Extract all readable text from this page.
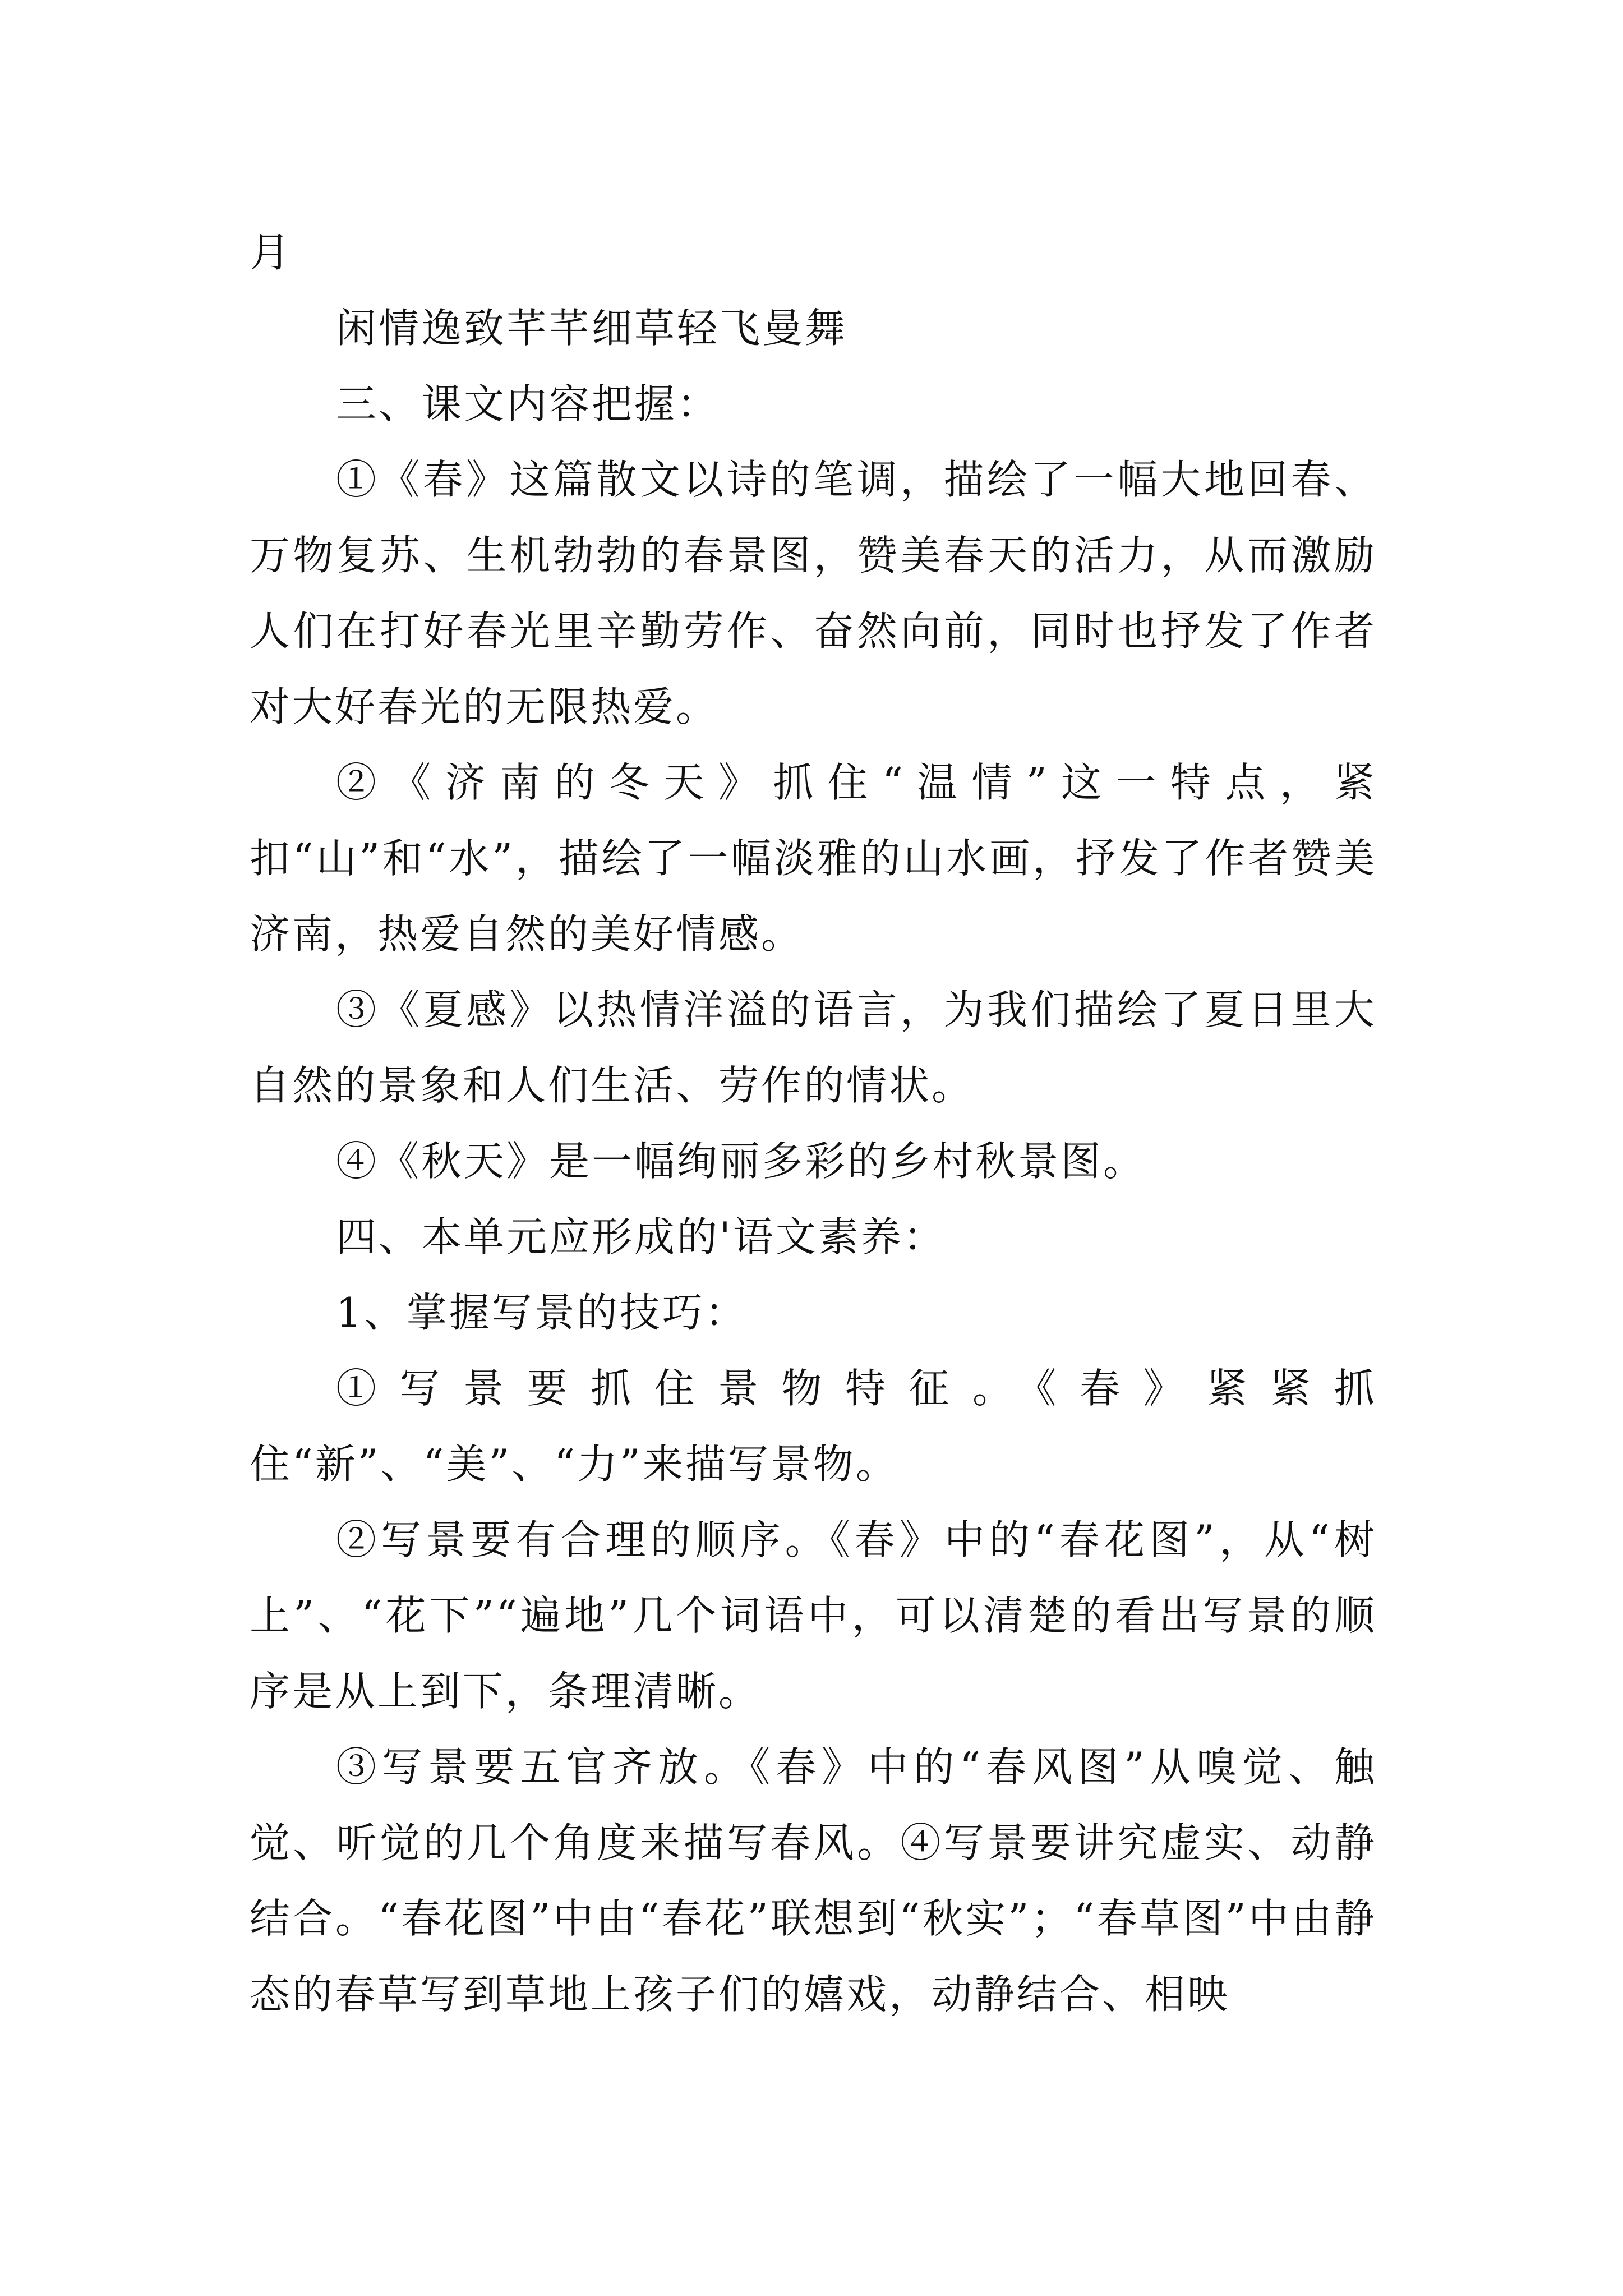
月

闲情逸致芊芊细草轻飞曼舞

三、课文内容把握：

①《春》这篇散文以诗的笔调，描绘了一幅大地回春、万物复苏、生机勃勃的春景图，赞美春天的活力，从而激励人们在打好春光里辛勤劳作、奋然向前，同时也抒发了作者对大好春光的无限热爱。

②《济南的冬天》抓住“温情”这一特点，紧扣“山”和“水”，描绘了一幅淡雅的山水画，抒发了作者赞美济南，热爱自然的美好情感。

③《夏感》以热情洋溢的语言，为我们描绘了夏日里大自然的景象和人们生活、劳作的情状。

④《秋天》是一幅绚丽多彩的乡村秋景图。

四、本单元应形成的'语文素养：

1、掌握写景的技巧：

①写景要抓住景物特征。《春》紧紧抓住“新”、“美”、“力”来描写景物。

②写景要有合理的顺序。《春》中的“春花图”，从“树上”、“花下”“遍地”几个词语中，可以清楚的看出写景的顺序是从上到下，条理清晰。

③写景要五官齐放。《春》中的“春风图”从嗅觉、触觉、听觉的几个角度来描写春风。④写景要讲究虚实、动静结合。“春花图”中由“春花”联想到“秋实”；“春草图”中由静态的春草写到草地上孩子们的嬉戏，动静结合、相映
